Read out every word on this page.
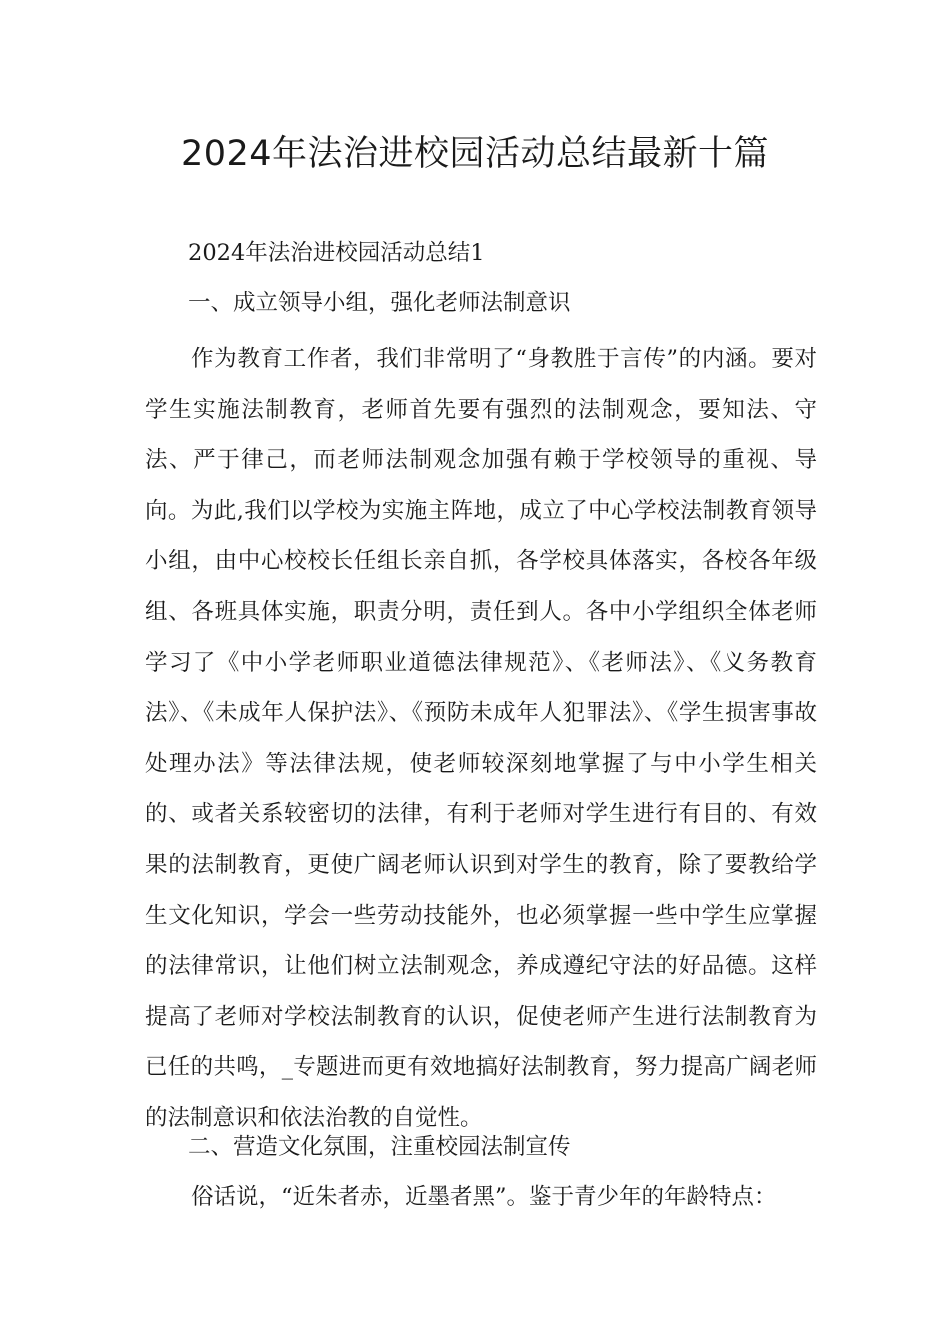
2024年法治进校园活动总结最新十篇

2024年法治进校园活动总结1

一、成立领导小组，强化老师法制意识

作为教育工作者，我们非常明了“身教胜于言传”的内涵。要对学生实施法制教育，老师首先要有强烈的法制观念，要知法、守法、严于律己，而老师法制观念加强有赖于学校领导的重视、导向。为此,我们以学校为实施主阵地，成立了中心学校法制教育领导小组，由中心校校长任组长亲自抓，各学校具体落实，各校各年级组、各班具体实施，职责分明，责任到人。各中小学组织全体老师学习了《中小学老师职业道德法律规范》、《老师法》、《义务教育法》、《未成年人保护法》、《预防未成年人犯罪法》、《学生损害事故处理办法》等法律法规，使老师较深刻地掌握了与中小学生相关的、或者关系较密切的法律，有利于老师对学生进行有目的、有效果的法制教育，更使广阔老师认识到对学生的教育，除了要教给学生文化知识，学会一些劳动技能外，也必须掌握一些中学生应掌握的法律常识，让他们树立法制观念，养成遵纪守法的好品德。这样提高了老师对学校法制教育的认识，促使老师产生进行法制教育为已任的共鸣，_专题进而更有效地搞好法制教育，努力提高广阔老师的法制意识和依法治教的自觉性。

二、营造文化氛围，注重校园法制宣传

俗话说，“近朱者赤，近墨者黑”。鉴于青少年的年龄特点：
